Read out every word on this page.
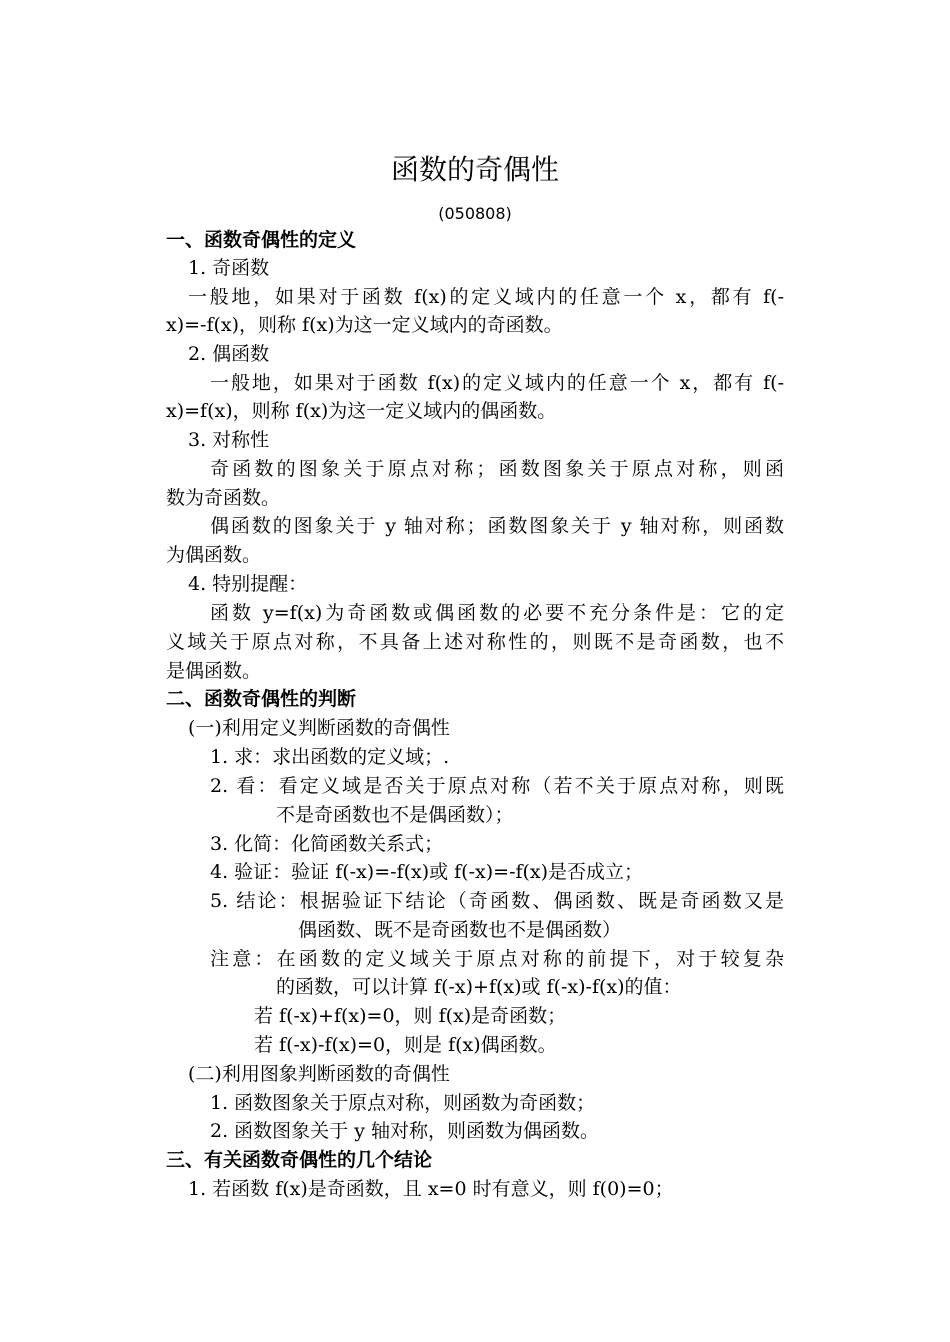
函数的奇偶性
(050808)
一、函数奇偶性的定义
1. 奇函数
一般地，如果对于函数 f(x)的定义域内的任意一个 x，都有 f(-
x)=-f(x)，则称 f(x)为这一定义域内的奇函数。
2. 偶函数
一般地，如果对于函数 f(x)的定义域内的任意一个 x，都有 f(-
x)=f(x)，则称 f(x)为这一定义域内的偶函数。
3. 对称性
奇函数的图象关于原点对称；函数图象关于原点对称，则函
数为奇函数。
偶函数的图象关于 y 轴对称；函数图象关于 y 轴对称，则函数
为偶函数。
4. 特别提醒：
函数 y=f(x)为奇函数或偶函数的必要不充分条件是：它的定
义域关于原点对称，不具备上述对称性的，则既不是奇函数，也不
是偶函数。
二、函数奇偶性的判断
(一)利用定义判断函数的奇偶性
1. 求：求出函数的定义域；.
2. 看：看定义域是否关于原点对称（若不关于原点对称，则既
不是奇函数也不是偶函数）；
3. 化简：化简函数关系式；
4. 验证：验证 f(-x)=-f(x)或 f(-x)=-f(x)是否成立；
5. 结论：根据验证下结论（奇函数、偶函数、既是奇函数又是
偶函数、既不是奇函数也不是偶函数）
注意：在函数的定义域关于原点对称的前提下，对于较复杂
的函数，可以计算 f(-x)+f(x)或 f(-x)-f(x)的值：
若 f(-x)+f(x)=0，则 f(x)是奇函数；
若 f(-x)-f(x)=0，则是 f(x)偶函数。
(二)利用图象判断函数的奇偶性
1. 函数图象关于原点对称，则函数为奇函数；
2. 函数图象关于 y 轴对称，则函数为偶函数。
三、有关函数奇偶性的几个结论
1. 若函数 f(x)是奇函数，且 x=0 时有意义，则 f(0)=0；
